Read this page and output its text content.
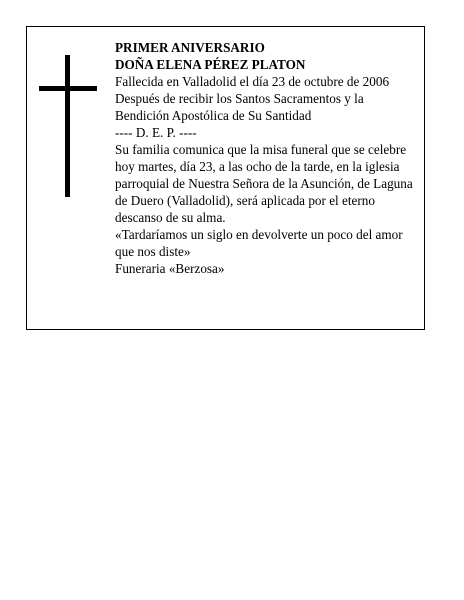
PRIMER ANIVERSARIO

DOÑA ELENA PÉREZ PLATON

Fallecida en Valladolid el día 23 de octubre de 2006

Después de recibir los Santos Sacramentos y la Bendición Apostólica de Su Santidad

---- D. E. P. ----

Su familia comunica que la misa funeral que se celebre hoy martes, día 23, a las ocho de la tarde, en la iglesia parroquial de Nuestra Señora de la Asunción, de Laguna de Duero (Valladolid), será aplicada por el eterno descanso de su alma.

«Tardaríamos un siglo en devolverte un poco del amor que nos diste»

Funeraria «Berzosa»
